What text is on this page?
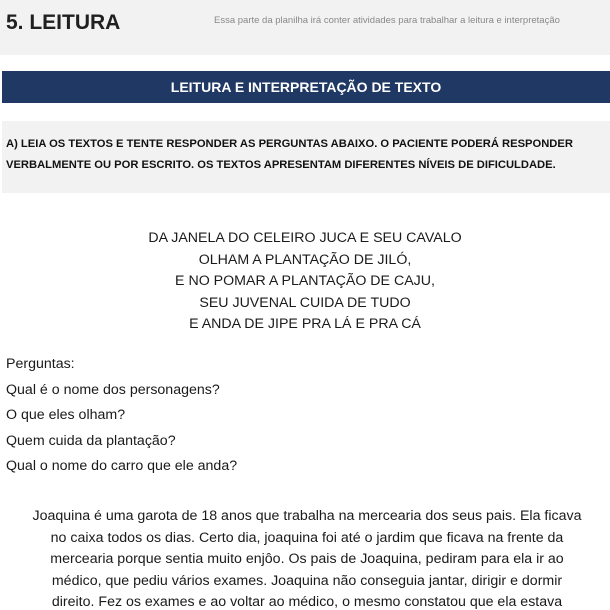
5. LEITURA	Essa parte da planilha irá conter atividades para trabalhar a leitura e interpretação
LEITURA E INTERPRETAÇÃO DE TEXTO
A) LEIA OS TEXTOS E TENTE RESPONDER AS PERGUNTAS ABAIXO. O PACIENTE PODERÁ RESPONDER
VERBALMENTE OU POR ESCRITO. OS TEXTOS APRESENTAM DIFERENTES NÍVEIS DE DIFICULDADE.
DA JANELA DO CELEIRO JUCA E SEU CAVALO
OLHAM A PLANTAÇÃO DE JILÓ,
E NO POMAR A PLANTAÇÃO DE CAJU,
SEU JUVENAL CUIDA DE TUDO
E ANDA DE JIPE PRA LÁ E PRA CÁ
Perguntas:
Qual é o nome dos personagens?
O que eles olham?
Quem cuida da plantação?
Qual o nome do carro que ele anda?
Joaquina é uma garota de 18 anos que trabalha na mercearia dos seus pais. Ela ficava
no caixa todos os dias. Certo dia, joaquina foi até o jardim que ficava na frente da
mercearia porque sentia muito enjôo. Os pais de Joaquina, pediram para ela ir ao
médico, que pediu vários exames. Joaquina não conseguia jantar, dirigir e dormir
direito. Fez os exames e ao voltar ao médico, o mesmo constatou que ela estava
